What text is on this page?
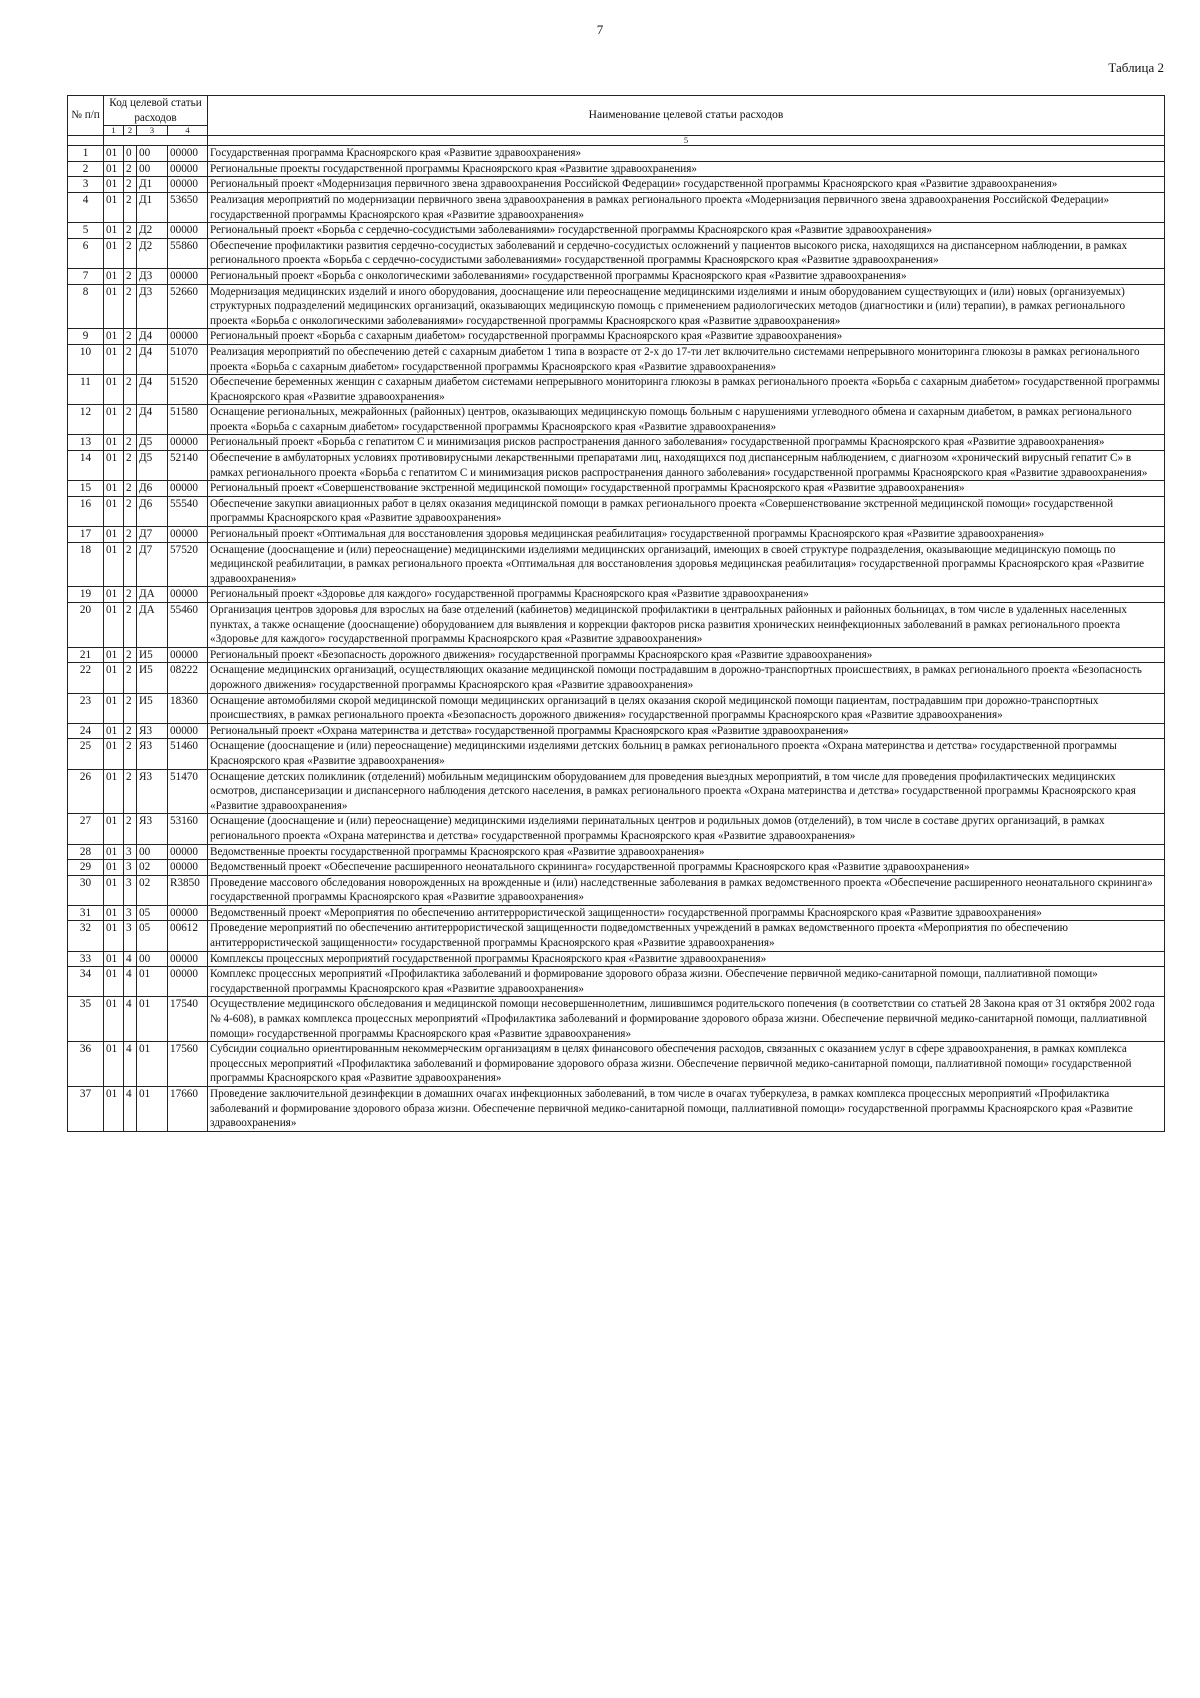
7
Таблица 2
№ п/п	Код целевой статьи расходов				Наименование целевой статьи расходов
	1	2	3	4	
					5
1	01	0	00	00000	Государственная программа Красноярского края «Развитие здравоохранения»
2	01	2	00	00000	Региональные проекты государственной программы Красноярского края «Развитие здравоохранения»
3	01	2	Д1	00000	Региональный проект «Модернизация первичного звена здравоохранения Российской Федерации» государственной программы Красноярского края «Развитие здравоохранения»
4	01	2	Д1	53650	Реализация мероприятий по модернизации первичного звена здравоохранения в рамках регионального проекта «Модернизация первичного звена здравоохранения Российской Федерации» государственной программы Красноярского края «Развитие здравоохранения»
5	01	2	Д2	00000	Региональный проект «Борьба с сердечно-сосудистыми заболеваниями» государственной программы Красноярского края «Развитие здравоохранения»
6	01	2	Д2	55860	Обеспечение профилактики развития сердечно-сосудистых заболеваний и сердечно-сосудистых осложнений у пациентов высокого риска, находящихся на диспансерном наблюдении, в рамках регионального проекта «Борьба с сердечно-сосудистыми заболеваниями» государственной программы Красноярского края «Развитие здравоохранения»
7	01	2	Д3	00000	Региональный проект «Борьба с онкологическими заболеваниями» государственной программы Красноярского края «Развитие здравоохранения»
8	01	2	Д3	52660	Модернизация медицинских изделий и иного оборудования, дооснащение или переоснащение медицинскими изделиями и иным оборудованием существующих и (или) новых (организуемых) структурных подразделений медицинских организаций, оказывающих медицинскую помощь с применением радиологических методов (диагностики и (или) терапии), в рамках регионального проекта «Борьба с онкологическими заболеваниями» государственной программы Красноярского края «Развитие здравоохранения»
9	01	2	Д4	00000	Региональный проект «Борьба с сахарным диабетом» государственной программы Красноярского края «Развитие здравоохранения»
10	01	2	Д4	51070	Реализация мероприятий по обеспечению детей с сахарным диабетом 1 типа в возрасте от 2-х до 17-ти лет включительно системами непрерывного мониторинга глюкозы в рамках регионального проекта «Борьба с сахарным диабетом» государственной программы Красноярского края «Развитие здравоохранения»
11	01	2	Д4	51520	Обеспечение беременных женщин с сахарным диабетом системами непрерывного мониторинга глюкозы в рамках регионального проекта «Борьба с сахарным диабетом» государственной программы Красноярского края «Развитие здравоохранения»
12	01	2	Д4	51580	Оснащение региональных, межрайонных (районных) центров, оказывающих медицинскую помощь больным с нарушениями углеводного обмена и сахарным диабетом, в рамках регионального проекта «Борьба с сахарным диабетом» государственной программы Красноярского края «Развитие здравоохранения»
13	01	2	Д5	00000	Региональный проект «Борьба с гепатитом С и минимизация рисков распространения данного заболевания» государственной программы Красноярского края «Развитие здравоохранения»
14	01	2	Д5	52140	Обеспечение в амбулаторных условиях противовирусными лекарственными препаратами лиц, находящихся под диспансерным наблюдением, с диагнозом «хронический вирусный гепатит С» в рамках регионального проекта «Борьба с гепатитом С и минимизация рисков распространения данного заболевания» государственной программы Красноярского края «Развитие здравоохранения»
15	01	2	Д6	00000	Региональный проект «Совершенствование экстренной медицинской помощи» государственной программы Красноярского края «Развитие здравоохранения»
16	01	2	Д6	55540	Обеспечение закупки авиационных работ в целях оказания медицинской помощи в рамках регионального проекта «Совершенствование экстренной медицинской помощи» государственной программы Красноярского края «Развитие здравоохранения»
17	01	2	Д7	00000	Региональный проект «Оптимальная для восстановления здоровья медицинская реабилитация» государственной программы Красноярского края «Развитие здравоохранения»
18	01	2	Д7	57520	Оснащение (дооснащение и (или) переоснащение) медицинскими изделиями медицинских организаций, имеющих в своей структуре подразделения, оказывающие медицинскую помощь по медицинской реабилитации, в рамках регионального проекта «Оптимальная для восстановления здоровья медицинская реабилитация» государственной программы Красноярского края «Развитие здравоохранения»
19	01	2	ДА	00000	Региональный проект «Здоровье для каждого» государственной программы Красноярского края «Развитие здравоохранения»
20	01	2	ДА	55460	Организация центров здоровья для взрослых на базе отделений (кабинетов) медицинской профилактики в центральных районных и районных больницах, в том числе в удаленных населенных пунктах, а также оснащение (дооснащение) оборудованием для выявления и коррекции факторов риска развития хронических неинфекционных заболеваний в рамках регионального проекта «Здоровье для каждого» государственной программы Красноярского края «Развитие здравоохранения»
21	01	2	И5	00000	Региональный проект «Безопасность дорожного движения» государственной программы Красноярского края «Развитие здравоохранения»
22	01	2	И5	08222	Оснащение медицинских организаций, осуществляющих оказание медицинской помощи пострадавшим в дорожно-транспортных происшествиях, в рамках регионального проекта «Безопасность дорожного движения» государственной программы Красноярского края «Развитие здравоохранения»
23	01	2	И5	18360	Оснащение автомобилями скорой медицинской помощи медицинских организаций в целях оказания скорой медицинской помощи пациентам, пострадавшим при дорожно-транспортных происшествиях, в рамках регионального проекта «Безопасность дорожного движения» государственной программы Красноярского края «Развитие здравоохранения»
24	01	2	Я3	00000	Региональный проект «Охрана материнства и детства» государственной программы Красноярского края «Развитие здравоохранения»
25	01	2	Я3	51460	Оснащение (дооснащение и (или) переоснащение) медицинскими изделиями детских больниц в рамках регионального проекта «Охрана материнства и детства» государственной программы Красноярского края «Развитие здравоохранения»
26	01	2	Я3	51470	Оснащение детских поликлиник (отделений) мобильным медицинским оборудованием для проведения выездных мероприятий, в том числе для проведения профилактических медицинских осмотров, диспансеризации и диспансерного наблюдения детского населения, в рамках регионального проекта «Охрана материнства и детства» государственной программы Красноярского края «Развитие здравоохранения»
27	01	2	Я3	53160	Оснащение (дооснащение и (или) переоснащение) медицинскими изделиями перинатальных центров и родильных домов (отделений), в том числе в составе других организаций, в рамках регионального проекта «Охрана материнства и детства» государственной программы Красноярского края «Развитие здравоохранения»
28	01	3	00	00000	Ведомственные проекты государственной программы Красноярского края «Развитие здравоохранения»
29	01	3	02	00000	Ведомственный проект «Обеспечение расширенного неонатального скрининга» государственной программы Красноярского края «Развитие здравоохранения»
30	01	3	02	R3850	Проведение массового обследования новорожденных на врожденные и (или) наследственные заболевания в рамках ведомственного проекта «Обеспечение расширенного неонатального скрининга» государственной программы Красноярского края «Развитие здравоохранения»
31	01	3	05	00000	Ведомственный проект «Мероприятия по обеспечению антитеррористической защищенности» государственной программы Красноярского края «Развитие здравоохранения»
32	01	3	05	00612	Проведение мероприятий по обеспечению антитеррористической защищенности подведомственных учреждений в рамках ведомственного проекта «Мероприятия по обеспечению антитеррористической защищенности» государственной программы Красноярского края «Развитие здравоохранения»
33	01	4	00	00000	Комплексы процессных мероприятий государственной программы Красноярского края «Развитие здравоохранения»
34	01	4	01	00000	Комплекс процессных мероприятий «Профилактика заболеваний и формирование здорового образа жизни. Обеспечение первичной медико-санитарной помощи, паллиативной помощи» государственной программы Красноярского края «Развитие здравоохранения»
35	01	4	01	17540	Осуществление медицинского обследования и медицинской помощи несовершеннолетним, лишившимся родительского попечения (в соответствии со статьей 28 Закона края от 31 октября 2002 года № 4-608), в рамках комплекса процессных мероприятий «Профилактика заболеваний и формирование здорового образа жизни. Обеспечение первичной медико-санитарной помощи, паллиативной помощи» государственной программы Красноярского края «Развитие здравоохранения»
36	01	4	01	17560	Субсидии социально ориентированным некоммерческим организациям в целях финансового обеспечения расходов, связанных с оказанием услуг в сфере здравоохранения, в рамках комплекса процессных мероприятий «Профилактика заболеваний и формирование здорового образа жизни. Обеспечение первичной медико-санитарной помощи, паллиативной помощи» государственной программы Красноярского края «Развитие здравоохранения»
37	01	4	01	17660	Проведение заключительной дезинфекции в домашних очагах инфекционных заболеваний, в том числе в очагах туберкулеза, в рамках комплекса процессных мероприятий «Профилактика заболеваний и формирование здорового образа жизни. Обеспечение первичной медико-санитарной помощи, паллиативной помощи» государственной программы Красноярского края «Развитие здравоохранения»
